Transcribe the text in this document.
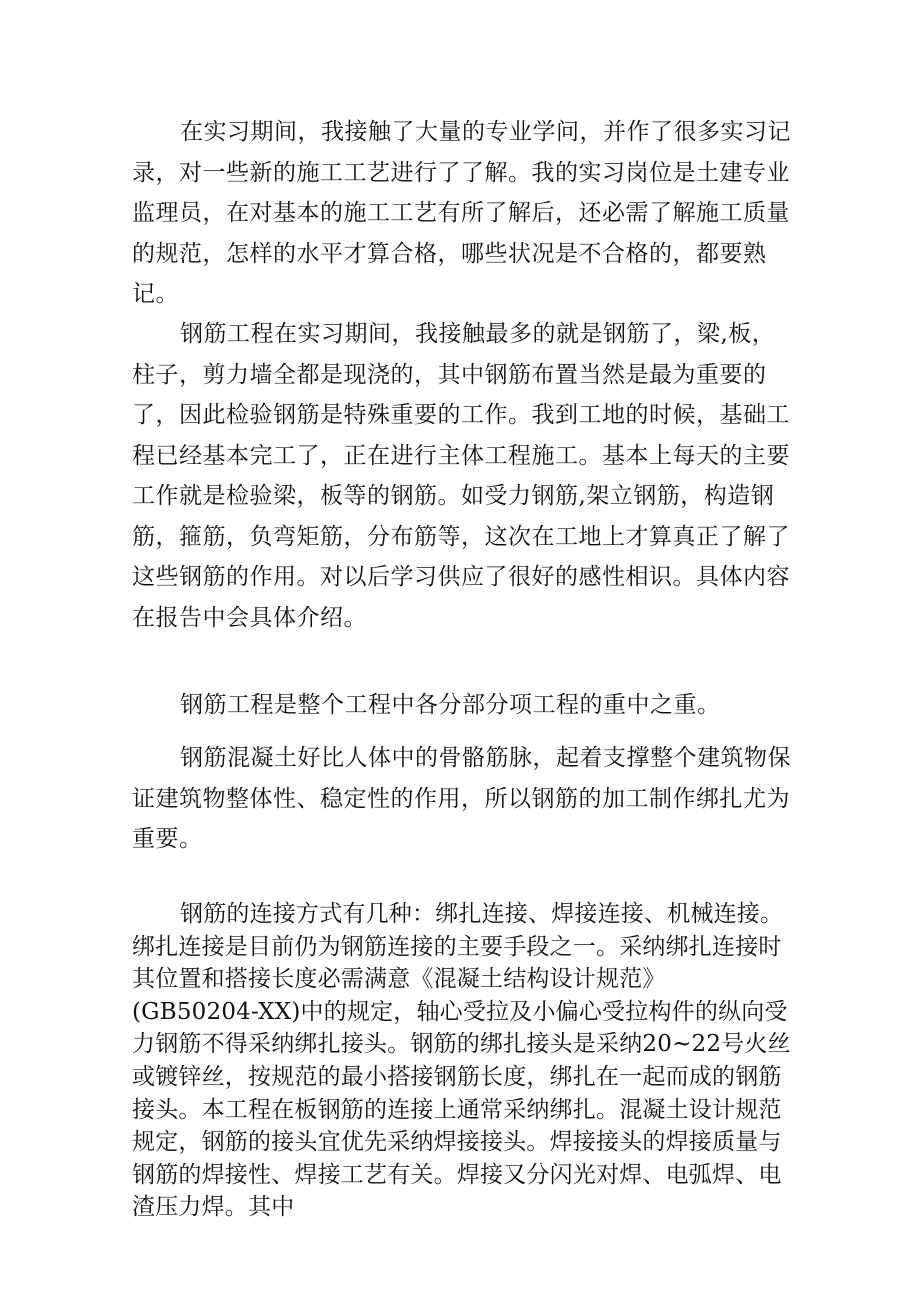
在实习期间，我接触了大量的专业学问，并作了很多实习记录，对一些新的施工工艺进行了了解。我的实习岗位是土建专业监理员，在对基本的施工工艺有所了解后，还必需了解施工质量的规范，怎样的水平才算合格，哪些状况是不合格的，都要熟记。

钢筋工程在实习期间，我接触最多的就是钢筋了，梁,板，柱子，剪力墙全都是现浇的，其中钢筋布置当然是最为重要的了，因此检验钢筋是特殊重要的工作。我到工地的时候，基础工程已经基本完工了，正在进行主体工程施工。基本上每天的主要工作就是检验梁，板等的钢筋。如受力钢筋,架立钢筋，构造钢筋，箍筋，负弯矩筋，分布筋等，这次在工地上才算真正了解了这些钢筋的作用。对以后学习供应了很好的感性相识。具体内容在报告中会具体介绍。

钢筋工程是整个工程中各分部分项工程的重中之重。

钢筋混凝土好比人体中的骨骼筋脉，起着支撑整个建筑物保证建筑物整体性、稳定性的作用，所以钢筋的加工制作绑扎尤为重要。

钢筋的连接方式有几种：绑扎连接、焊接连接、机械连接。绑扎连接是目前仍为钢筋连接的主要手段之一。采纳绑扎连接时其位置和搭接长度必需满意《混凝土结构设计规范》(GB50204-XX)中的规定，轴心受拉及小偏心受拉构件的纵向受力钢筋不得采纳绑扎接头。钢筋的绑扎接头是采纳20~22号火丝或镀锌丝，按规范的最小搭接钢筋长度，绑扎在一起而成的钢筋接头。本工程在板钢筋的连接上通常采纳绑扎。混凝土设计规范规定，钢筋的接头宜优先采纳焊接接头。焊接接头的焊接质量与钢筋的焊接性、焊接工艺有关。焊接又分闪光对焊、电弧焊、电渣压力焊。其中
